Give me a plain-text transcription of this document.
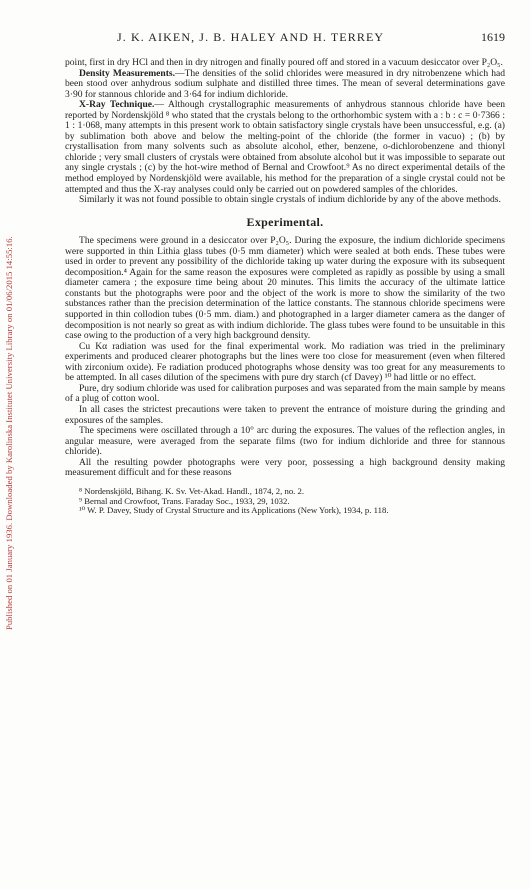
Published on 01 January 1936. Downloaded by Karolinska Institutet University Library on 01/06/2015 14:55:16.
J. K. AIKEN, J. B. HALEY AND H. TERREY	1619

point, first in dry HCl and then in dry nitrogen and finally poured off and stored in a vacuum desiccator over P₂O₅.

Density Measurements.—The densities of the solid chlorides were measured in dry nitrobenzene which had been stood over anhydrous sodium sulphate and distilled three times. The mean of several determinations gave 3·90 for stannous chloride and 3·64 for indium dichloride.

X-Ray Technique.— Although crystallographic measurements of anhydrous stannous chloride have been reported by Nordenskjöld ⁸ who stated that the crystals belong to the orthorhombic system with a : b : c = 0·7366 : 1 : 1·068, many attempts in this present work to obtain satisfactory single crystals have been unsuccessful, e.g. (a) by sublimation both above and below the melting-point of the chloride (the former in vacuo) ; (b) by crystallisation from many solvents such as absolute alcohol, ether, benzene, o-dichlorobenzene and thionyl chloride ; very small clusters of crystals were obtained from absolute alcohol but it was impossible to separate out any single crystals ; (c) by the hot-wire method of Bernal and Crowfoot.⁹ As no direct experimental details of the method employed by Nordenskjöld were available, his method for the preparation of a single crystal could not be attempted and thus the X-ray analyses could only be carried out on powdered samples of the chlorides.

Similarly it was not found possible to obtain single crystals of indium dichloride by any of the above methods.

Experimental.

The specimens were ground in a desiccator over P₂O₅. During the exposure, the indium dichloride specimens were supported in thin Lithia glass tubes (0·5 mm diameter) which were sealed at both ends. These tubes were used in order to prevent any possibility of the dichloride taking up water during the exposure with its subsequent decomposition.⁴ Again for the same reason the exposures were completed as rapidly as possible by using a small diameter camera ; the exposure time being about 20 minutes. This limits the accuracy of the ultimate lattice constants but the photographs were poor and the object of the work is more to show the similarity of the two substances rather than the precision determination of the lattice constants. The stannous chloride specimens were supported in thin collodion tubes (0·5 mm. diam.) and photographed in a larger diameter camera as the danger of decomposition is not nearly so great as with indium dichloride. The glass tubes were found to be unsuitable in this case owing to the production of a very high background density.

Cu Kα radiation was used for the final experimental work. Mo radiation was tried in the preliminary experiments and produced clearer photographs but the lines were too close for measurement (even when filtered with zirconium oxide). Fe radiation produced photographs whose density was too great for any measurements to be attempted. In all cases dilution of the specimens with pure dry starch (cf Davey) ¹⁰ had little or no effect.

Pure, dry sodium chloride was used for calibration purposes and was separated from the main sample by means of a plug of cotton wool.

In all cases the strictest precautions were taken to prevent the entrance of moisture during the grinding and exposures of the samples.

The specimens were oscillated through a 10° arc during the exposures. The values of the reflection angles, in angular measure, were averaged from the separate films (two for indium dichloride and three for stannous chloride).

All the resulting powder photographs were very poor, possessing a high background density making measurement difficult and for these reasons

⁸ Nordenskjöld, Bihang. K. Sv. Vet-Akad. Handl., 1874, 2, no. 2.
⁹ Bernal and Crowfoot, Trans. Faraday Soc., 1933, 29, 1032.
¹⁰ W. P. Davey, Study of Crystal Structure and its Applications (New York), 1934, p. 118.
